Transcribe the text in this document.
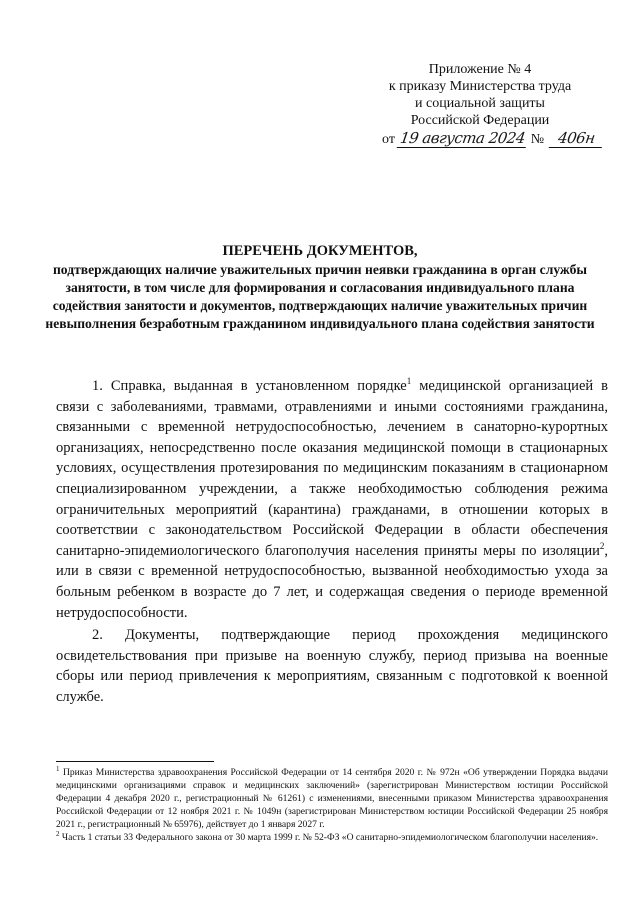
Приложение № 4
к приказу Министерства труда
и социальной защиты
Российской Федерации
от 19 августа 2024 № 406н
ПЕРЕЧЕНЬ ДОКУМЕНТОВ,
подтверждающих наличие уважительных причин неявки гражданина в орган службы занятости, в том числе для формирования и согласования индивидуального плана содействия занятости и документов, подтверждающих наличие уважительных причин невыполнения безработным гражданином индивидуального плана содействия занятости

1. Справка, выданная в установленном порядке$^1$ медицинской организацией в связи с заболеваниями, травмами, отравлениями и иными состояниями гражданина, связанными с временной нетрудоспособностью, лечением в санаторно-курортных организациях, непосредственно после оказания медицинской помощи в стационарных условиях, осуществления протезирования по медицинским показаниям в стационарном специализированном учреждении, а также необходимостью соблюдения режима ограничительных мероприятий (карантина) гражданами, в отношении которых в соответствии с законодательством Российской Федерации в области обеспечения санитарно-эпидемиологического благополучия населения приняты меры по изоляции$^2$, или в связи с временной нетрудоспособностью, вызванной необходимостью ухода за больным ребенком в возрасте до 7 лет, и содержащая сведения о периоде временной нетрудоспособности.

2. Документы, подтверждающие период прохождения медицинского освидетельствования при призыве на военную службу, период призыва на военные сборы или период привлечения к мероприятиям, связанным с подготовкой к военной службе.

$^1$ Приказ Министерства здравоохранения Российской Федерации от 14 сентября 2020 г. № 972н «Об утверждении Порядка выдачи медицинскими организациями справок и медицинских заключений» (зарегистрирован Министерством юстиции Российской Федерации 4 декабря 2020 г., регистрационный № 61261) с изменениями, внесенными приказом Министерства здравоохранения Российской Федерации от 12 ноября 2021 г. № 1049н (зарегистрирован Министерством юстиции Российской Федерации 25 ноября 2021 г., регистрационный № 65976), действует до 1 января 2027 г.

$^2$ Часть 1 статьи 33 Федерального закона от 30 марта 1999 г. № 52-ФЗ «О санитарно-эпидемиологическом благополучии населения».
